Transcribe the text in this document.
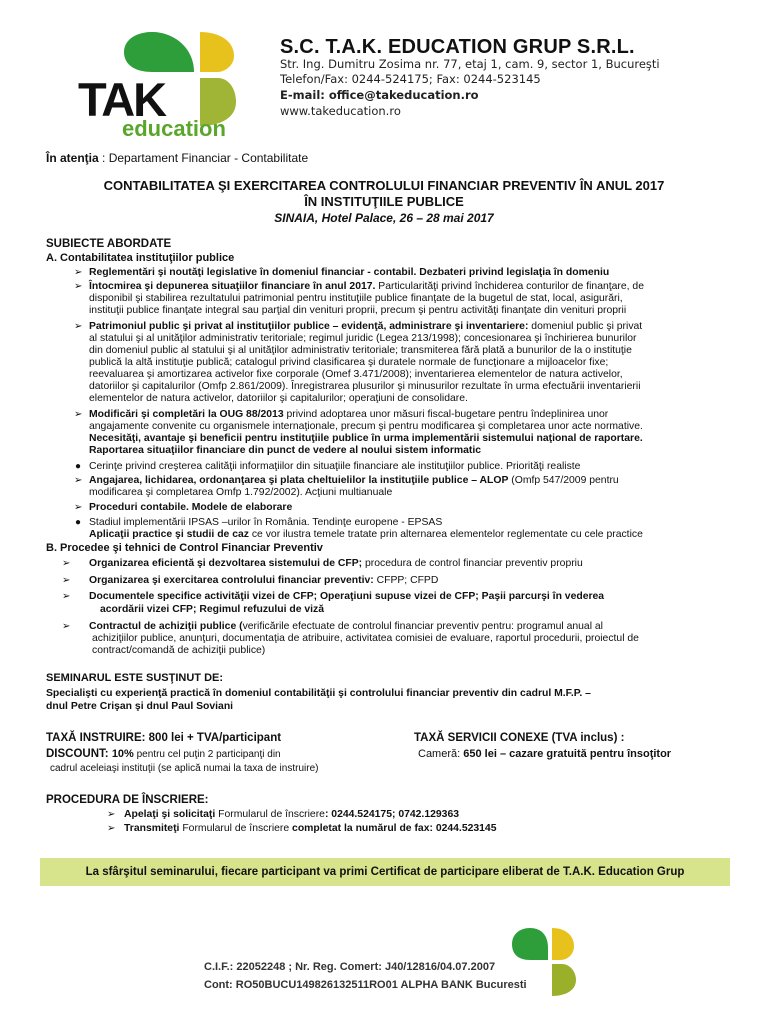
TAK
education
S.C. T.A.K. EDUCATION GRUP S.R.L.
Str. Ing. Dumitru Zosima nr. 77, etaj 1, cam. 9, sector 1, Bucureşti
Telefon/Fax: 0244-524175; Fax: 0244-523145
E-mail: office@takeducation.ro
www.takeducation.ro
În atenţia : Departament Financiar - Contabilitate
CONTABILITATEA ŞI EXERCITAREA CONTROLULUI FINANCIAR PREVENTIV ÎN ANUL 2017
ÎN INSTITUŢIILE PUBLICE
SINAIA, Hotel Palace, 26 – 28 mai 2017
SUBIECTE ABORDATE
A. Contabilitatea instituţiilor publice
➢ Reglementări şi noutăţi legislative în domeniul financiar - contabil. Dezbateri privind legislaţia în domeniu
➢ Întocmirea şi depunerea situaţiilor financiare în anul 2017. Particularităţi privind închiderea conturilor de finanţare, de
disponibil şi stabilirea rezultatului patrimonial pentru instituţiile publice finanţate de la bugetul de stat, local, asigurări,
instituţii publice finanţate integral sau parţial din venituri proprii, precum şi pentru activităţi finanţate din venituri proprii
➢ Patrimoniul public şi privat al instituţiilor publice – evidenţă, administrare şi inventariere: domeniul public şi privat
al statului şi al unităţilor administrativ teritoriale; regimul juridic (Legea 213/1998); concesionarea şi închirierea bunurilor
din domeniul public al statului şi al unităţilor administrativ teritoriale; transmiterea fără plată a bunurilor de la o instituţie
publică la altă instituţie publică; catalogul privind clasificarea şi duratele normale de funcţionare a mijloacelor fixe;
reevaluarea şi amortizarea activelor fixe corporale (Omef 3.471/2008); inventarierea elementelor de natura activelor,
datoriilor şi capitalurilor (Omfp 2.861/2009). Înregistrarea plusurilor şi minusurilor rezultate în urma efectuării inventarierii
elementelor de natura activelor, datoriilor şi capitalurilor; operaţiuni de consolidare.
➢ Modificări şi completări la OUG 88/2013 privind adoptarea unor măsuri fiscal-bugetare pentru îndeplinirea unor
angajamente convenite cu organismele internaţionale, precum şi pentru modificarea şi completarea unor acte normative.
Necesităţi, avantaje şi beneficii pentru instituţiile publice în urma implementării sistemului naţional de raportare.
Raportarea situaţiilor financiare din punct de vedere al noului sistem informatic
● Cerinţe privind creşterea calităţii informaţiilor din situaţiile financiare ale instituţiilor publice. Priorităţi realiste
➢ Angajarea, lichidarea, ordonanţarea şi plata cheltuielilor la instituţiile publice – ALOP (Omfp 547/2009 pentru
modificarea şi completarea Omfp 1.792/2002). Acţiuni multianuale
➢ Proceduri contabile. Modele de elaborare
● Stadiul implementării IPSAS –urilor în România. Tendinţe europene - EPSAS
Aplicaţii practice şi studii de caz ce vor ilustra temele tratate prin alternarea elementelor reglementate cu cele practice
B. Procedee şi tehnici de Control Financiar Preventiv
➢ Organizarea eficientă şi dezvoltarea sistemului de CFP; procedura de control financiar preventiv propriu
➢ Organizarea şi exercitarea controlului financiar preventiv: CFPP; CFPD
➢ Documentele specifice activităţii vizei de CFP; Operaţiuni supuse vizei de CFP; Paşii parcurşi în vederea
acordării vizei CFP; Regimul refuzului de viză
➢ Contractul de achiziţii publice (verificările efectuate de controlul financiar preventiv pentru: programul anual al
achiziţiilor publice, anunţuri, documentaţia de atribuire, activitatea comisiei de evaluare, raportul procedurii, proiectul de
contract/comandă de achiziţii publice)
SEMINARUL ESTE SUSŢINUT DE:
Specialişti cu experienţă practică în domeniul contabilităţii şi controlului financiar preventiv din cadrul M.F.P. –
dnul Petre Crişan şi dnul Paul Soviani
TAXĂ INSTRUIRE: 800 lei + TVA/participant
DISCOUNT: 10% pentru cel puţin 2 participanţi din
cadrul aceleiaşi instituţii (se aplică numai la taxa de instruire)
TAXĂ SERVICII CONEXE (TVA inclus) :
Cameră: 650 lei – cazare gratuită pentru însoţitor
PROCEDURA DE ÎNSCRIERE:
➢ Apelaţi şi solicitaţi Formularul de înscriere: 0244.524175; 0742.129363
➢ Transmiteţi Formularul de înscriere completat la numărul de fax: 0244.523145
La sfârşitul seminarului, fiecare participant va primi Certificat de participare eliberat de T.A.K. Education Grup
C.I.F.: 22052248 ; Nr. Reg. Comert: J40/12816/04.07.2007
Cont: RO50BUCU149826132511RO01 ALPHA BANK Bucuresti
